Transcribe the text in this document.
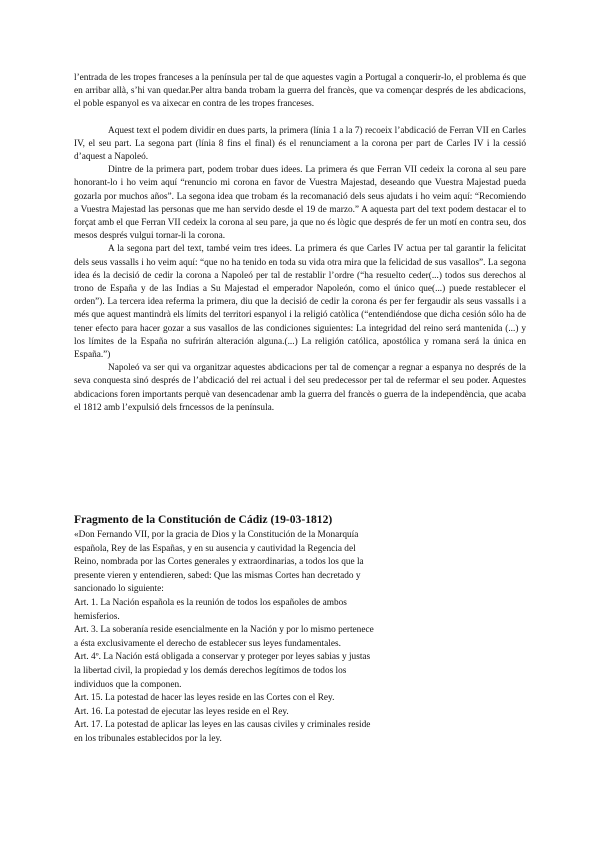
l’entrada de les tropes franceses a la península per tal de que aquestes vagin a Portugal a conquerir-lo, el problema és que en arribar allà, s’hi van quedar.Per altra banda trobam la guerra del francès, que va començar després de les abdicacions, el poble espanyol es va aixecar en contra de les tropes franceses.

Aquest text el podem dividir en dues parts, la primera (línia 1 a la 7) recoeix l’abdicació de Ferran VII en Carles IV, el seu part. La segona part (línia 8 fins el final) és el renunciament a la corona per part de Carles IV i la cessió d’aquest a Napoleó.

Dintre de la primera part, podem trobar dues idees. La primera és que Ferran VII cedeix la corona al seu pare honorant-lo i ho veim aquí “renuncio mi corona en favor de Vuestra Majestad, deseando que Vuestra Majestad pueda gozarla por muchos años”. La segona idea que trobam és la recomanació dels seus ajudats i ho veim aquí: “Recomiendo a Vuestra Majestad las personas que me han servido desde el 19 de marzo.” A aquesta part del text podem destacar el to forçat amb el que Ferran VII cedeix la corona al seu pare, ja que no és lògic que després de fer un motí en contra seu, dos mesos després vulgui tornar-li la corona.

A la segona part del text, també veim tres idees. La primera és que Carles IV actua per tal garantir la felicitat dels seus vassalls i ho veim aquí: “que no ha tenido en toda su vida otra mira que la felicidad de sus vasallos”. La segona idea és la decisió de cedir la corona a Napoleó per tal de restablir l’ordre (“ha resuelto ceder(...) todos sus derechos al trono de España y de las Indias a Su Majestad el emperador Napoleón, como el único que(...) puede restablecer el orden”). La tercera idea referma la primera, diu que la decisió de cedir la corona és per fer fergaudir als seus vassalls i a més que aquest mantindrà els límits del territori espanyol i la religió catòlica (“entendiéndose que dicha cesión sólo ha de tener efecto para hacer gozar a sus vasallos de las condiciones siguientes: La integridad del reino será mantenida (...) y los límites de la España no sufrirán alteración alguna.(...) La religión católica, apostólica y romana será la única en España.”)

Napoleó va ser qui va organitzar aquestes abdicacions per tal de començar a regnar a espanya no després de la seva conquesta sinó després de l’abdicació del rei actual i del seu predecessor per tal de refermar el seu poder. Aquestes abdicacions foren importants perquè van desencadenar amb la guerra del francès o guerra de la independència, que acaba el 1812 amb l’expulsió dels frncessos de la península.

Fragmento de la Constitución de Cádiz (19-03-1812)

«Don Fernando VII, por la gracia de Dios y la Constitución de la Monarquía

española, Rey de las Españas, y en su ausencia y cautividad la Regencia del

Reino, nombrada por las Cortes generales y extraordinarias, a todos los que la

presente vieren y entendieren, sabed: Que las mismas Cortes han decretado y

sancionado lo siguiente:

Art. 1. La Nación española es la reunión de todos los españoles de ambos

hemisferios.

Art. 3. La soberanía reside esencialmente en la Nación y por lo mismo pertenece

a ésta exclusivamente el derecho de establecer sus leyes fundamentales.

Art. 4º. La Nación está obligada a conservar y proteger por leyes sabias y justas

la libertad civil, la propiedad y los demás derechos legítimos de todos los

individuos que la componen.

Art. 15. La potestad de hacer las leyes reside en las Cortes con el Rey.

Art. 16. La potestad de ejecutar las leyes reside en el Rey.

Art. 17. La potestad de aplicar las leyes en las causas civiles y criminales reside

en los tribunales establecidos por la ley.
